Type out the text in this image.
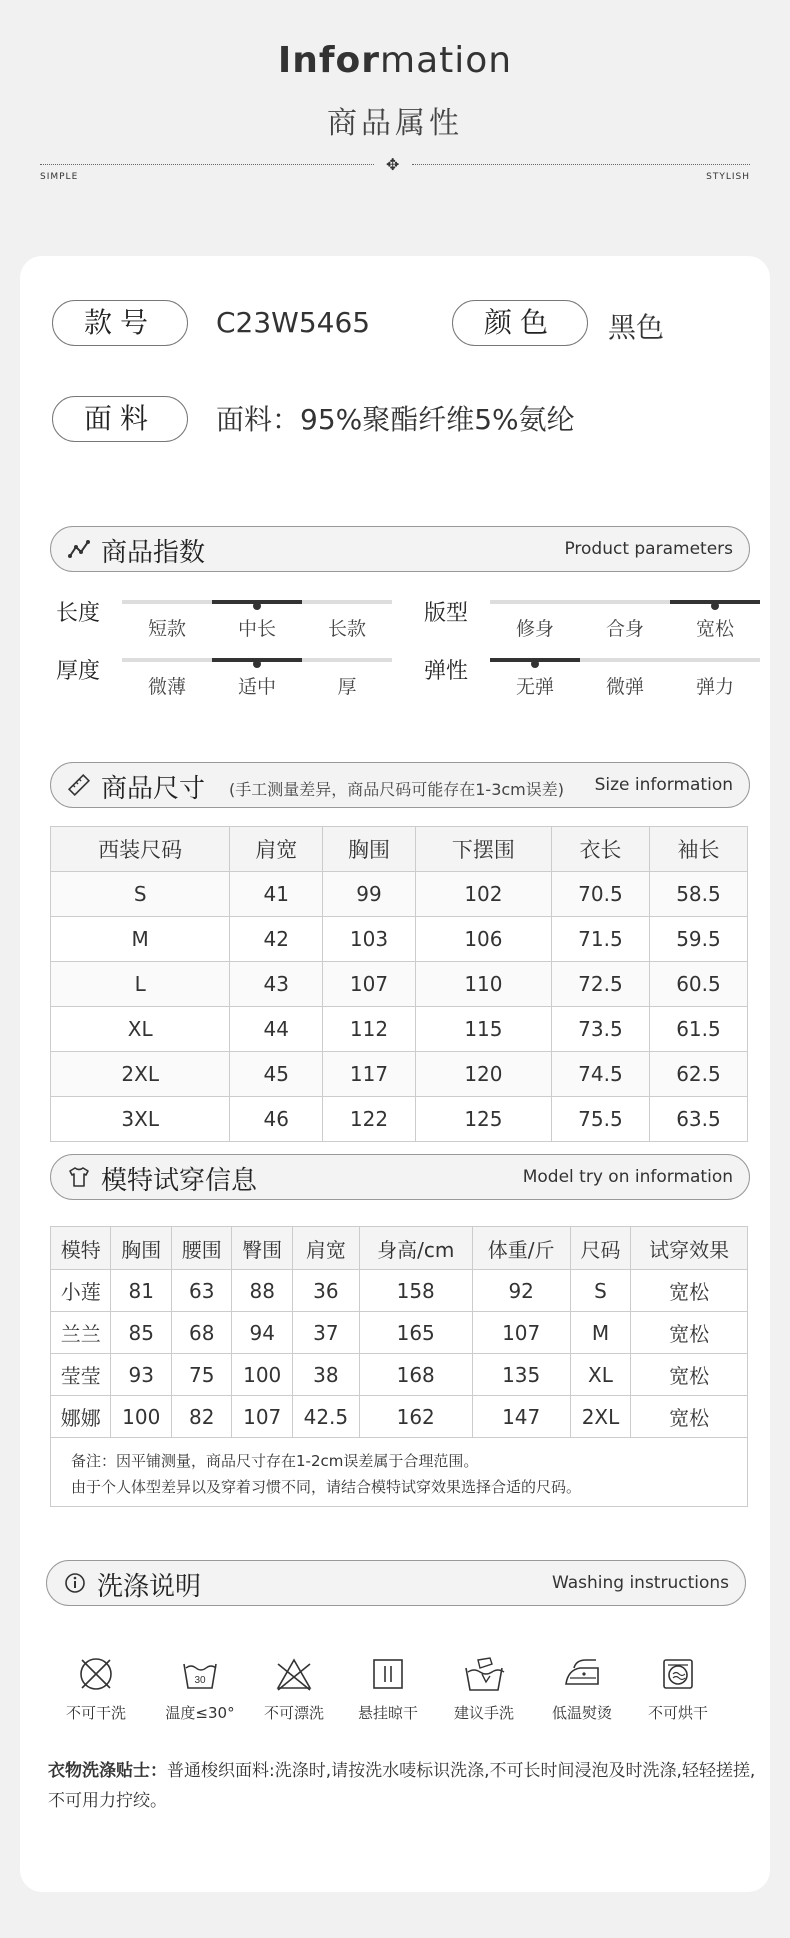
Information
商品属性
✥
SIMPLE	STYLISH
款号	C23W5465	颜色	黑色
面料	面料：95%聚酯纤维5%氨纶
商品指数	Product parameters
长度
短款	中长	长款
版型
修身	合身	宽松
厚度
微薄	适中	厚
弹性
无弹	微弹	弹力
商品尺寸 (手工测量差异，商品尺码可能存在1-3cm误差) Size information
西装尺码	肩宽	胸围	下摆围	衣长	袖长
S	41	99	102	70.5	58.5
M	42	103	106	71.5	59.5
L	43	107	110	72.5	60.5
XL	44	112	115	73.5	61.5
2XL	45	117	120	74.5	62.5
3XL	46	122	125	75.5	63.5
模特试穿信息	Model try on information
模特	胸围	腰围	臀围	肩宽	身高/cm	体重/斤	尺码	试穿效果
小莲	81	63	88	36	158	92	S	宽松
兰兰	85	68	94	37	165	107	M	宽松
莹莹	93	75	100	38	168	135	XL	宽松
娜娜	100	82	107	42.5	162	147	2XL	宽松
备注：因平铺测量，商品尺寸存在1-2cm误差属于合理范围。
由于个人体型差异以及穿着习惯不同，请结合模特试穿效果选择合适的尺码。
洗涤说明	Washing instructions
不可干洗
30
温度≤30°	不可漂洗	悬挂晾干	建议手洗	低温熨烫	不可烘干
衣物洗涤贴士：普通梭织面料:洗涤时,请按洗水唛标识洗涤,不可长时间浸泡及时洗涤,轻轻搓搓,不可用力拧绞。
